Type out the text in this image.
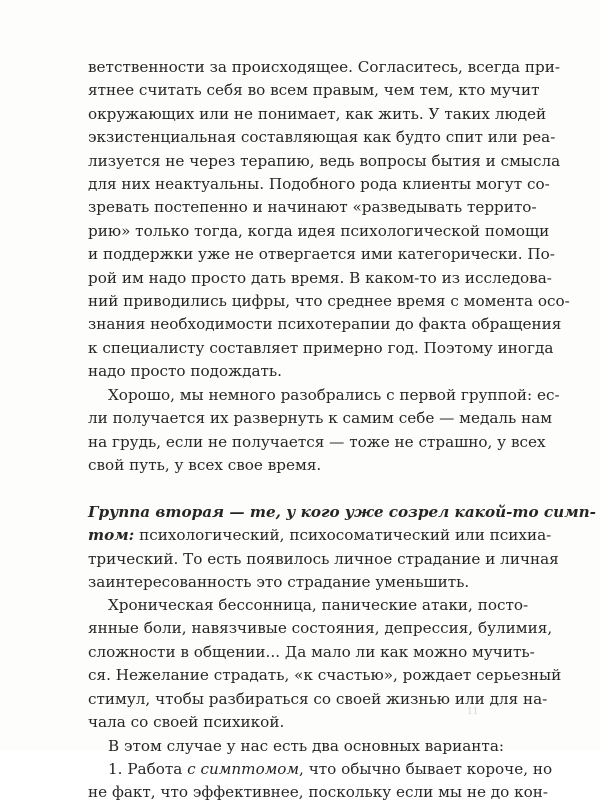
ветственности за происходящее. Согласитесь, всегда при-
ятнее считать себя во всем правым, чем тем, кто мучит
окружающих или не понимает, как жить. У таких людей
экзистенциальная составляющая как будто спит или реа-
лизуется не через терапию, ведь вопросы бытия и смысла
для них неактуальны. Подобного рода клиенты могут со-
зревать постепенно и начинают «разведывать террито-
рию» только тогда, когда идея психологической помощи
и поддержки уже не отвергается ими категорически. По-
рой им надо просто дать время. В каком-то из исследова-
ний приводились цифры, что среднее время с момента осо-
знания необходимости психотерапии до факта обращения
к специалисту составляет примерно год. Поэтому иногда
надо просто подождать.
Хорошо, мы немного разобрались с первой группой: ес-
ли получается их развернуть к самим себе — медаль нам
на грудь, если не получается — тоже не страшно, у всех
свой путь, у всех свое время.
Группа вторая — те, у кого уже созрел какой-то симп-
том: психологический, психосоматический или психиа-
трический. То есть появилось личное страдание и личная
заинтересованность это страдание уменьшить.
Хроническая бессонница, панические атаки, посто-
янные боли, навязчивые состояния, депрессия, булимия,
сложности в общении... Да мало ли как можно мучить-
ся. Нежелание страдать, «к счастью», рождает серьезный
стимул, чтобы разбираться со своей жизнью или для на-
чала со своей психикой.
В этом случае у нас есть два основных варианта:
1. Работа с симптомом, что обычно бывает короче, но
не факт, что эффективнее, поскольку если мы не до кон-
11
